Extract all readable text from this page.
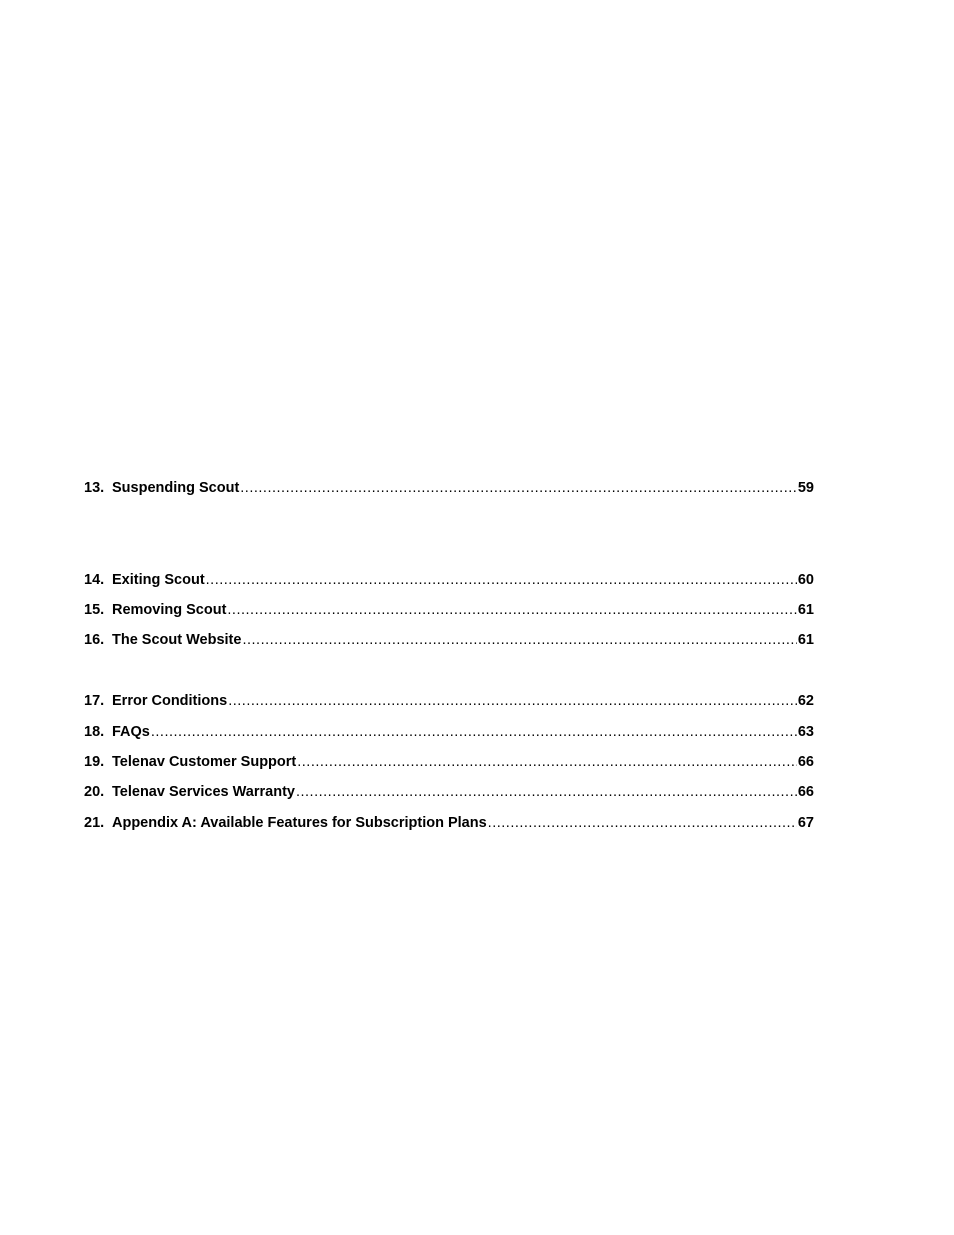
13. Suspending Scout .....	59
14. Exiting Scout .....	60
15. Removing Scout .....	61
16. The Scout Website .....	61
17. Error Conditions .....	62
18. FAQs .....	63
19. Telenav Customer Support .....	66
20. Telenav Services Warranty .....	66
21. Appendix A: Available Features for Subscription Plans .....	67
